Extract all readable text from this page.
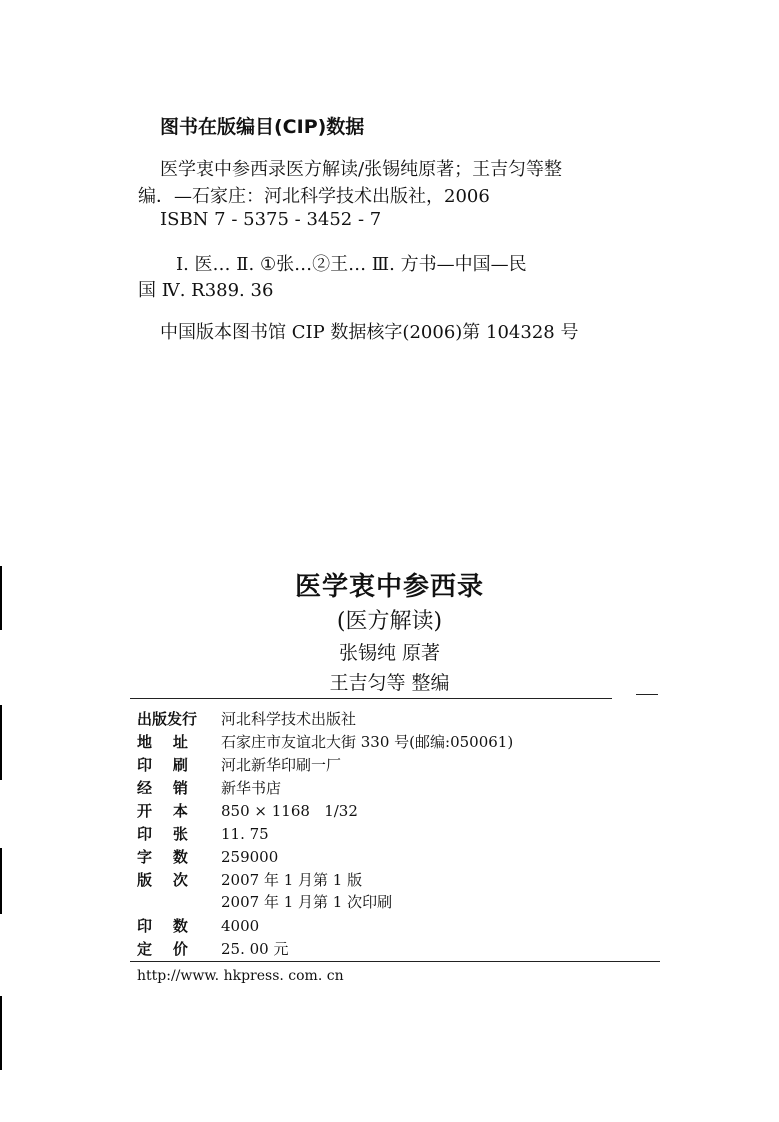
图书在版编目(CIP)数据
医学衷中参西录医方解读/张锡纯原著；王吉匀等整
编．—石家庄：河北科学技术出版社，2006
ISBN 7 - 5375 - 3452 - 7
Ⅰ. 医… Ⅱ. ①张…②王… Ⅲ. 方书—中国—民
国 Ⅳ. R389. 36
中国版本图书馆 CIP 数据核字(2006)第 104328 号
医学衷中参西录
(医方解读)
张锡纯 原著
王吉匀等 整编
出版发行 河北科学技术出版社
地    址 石家庄市友谊北大街 330 号(邮编:050061)
印    刷 河北新华印刷一厂
经    销 新华书店
开    本 850 × 1168   1/32
印    张 11. 75
字    数 259000
版    次 2007 年 1 月第 1 版
2007 年 1 月第 1 次印刷
印    数 4000
定    价 25. 00 元
http://www. hkpress. com. cn
